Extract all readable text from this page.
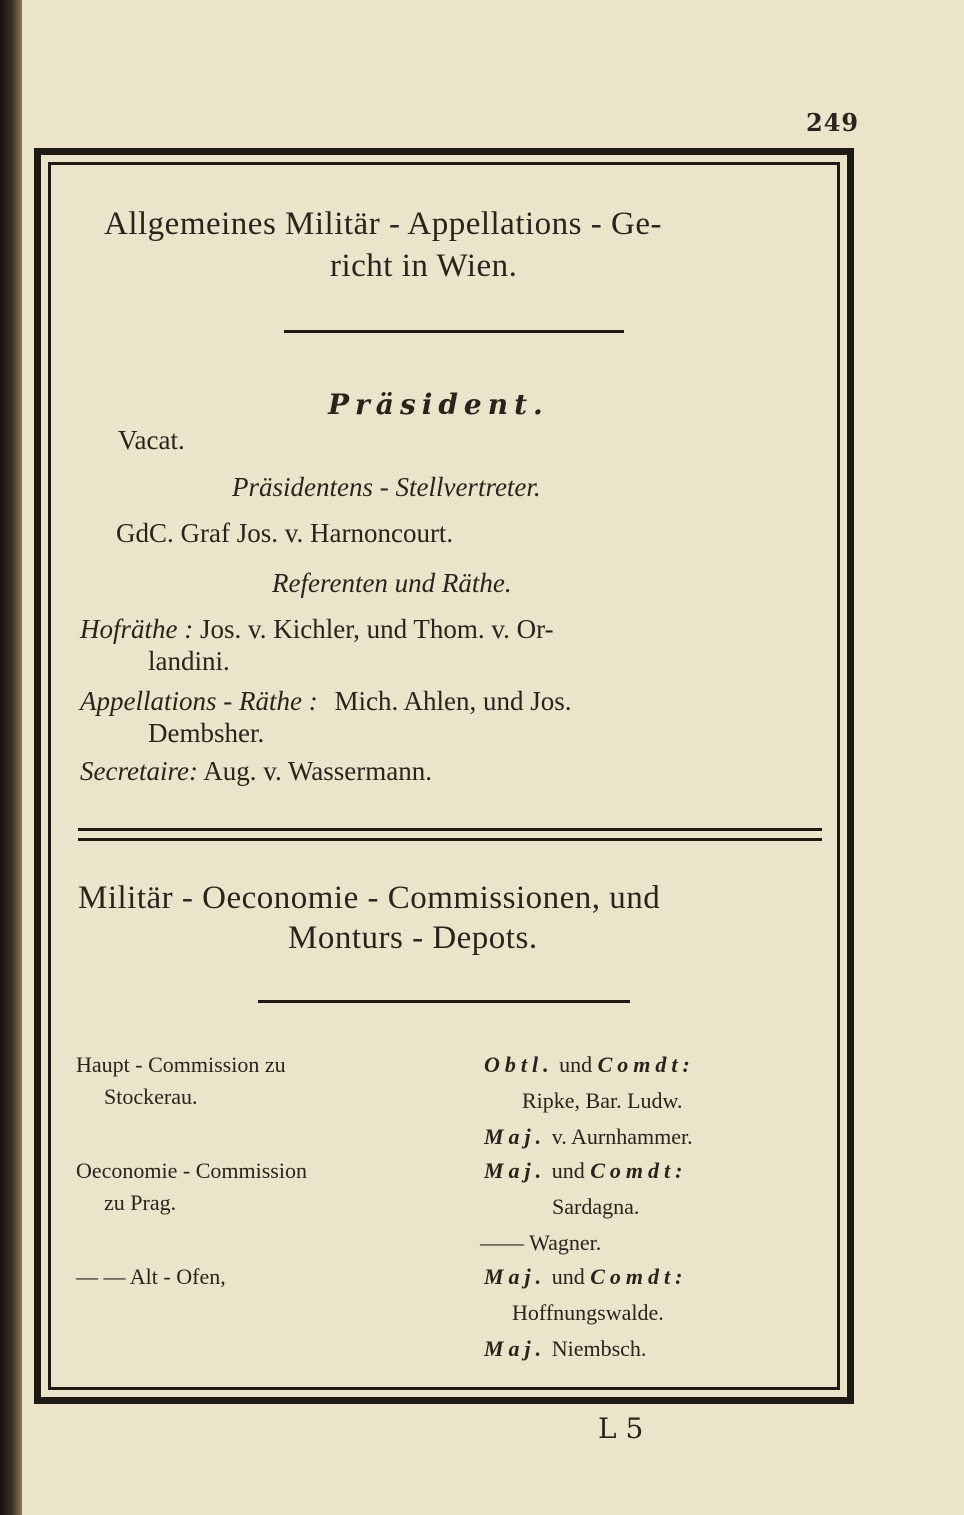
249
Allgemeines Militär - Appellations - Ge-
richt in Wien.
Präsident.
Vacat.
Präsidentens - Stellvertreter.
GdC. Graf Jos. v. Harnoncourt.
Referenten und Räthe.
Hofräthe : Jos. v. Kichler, und Thom. v. Or-
landini.
Appellations - Räthe : Mich. Ahlen, und Jos.
Dembsher.
Secretaire: Aug. v. Wassermann.
Militär - Oeconomie - Commissionen, und
Monturs - Depots.
Haupt - Commission zu
Stockerau.
Oeconomie - Commission
zu Prag.
— — Alt - Ofen,
Obtl. und Comdt:
Ripke, Bar. Ludw.
Maj. v. Aurnhammer.
Maj. und Comdt:
Sardagna.
—— Wagner.
Maj. und Comdt:
Hoffnungswalde.
Maj. Niembsch.
L 5
